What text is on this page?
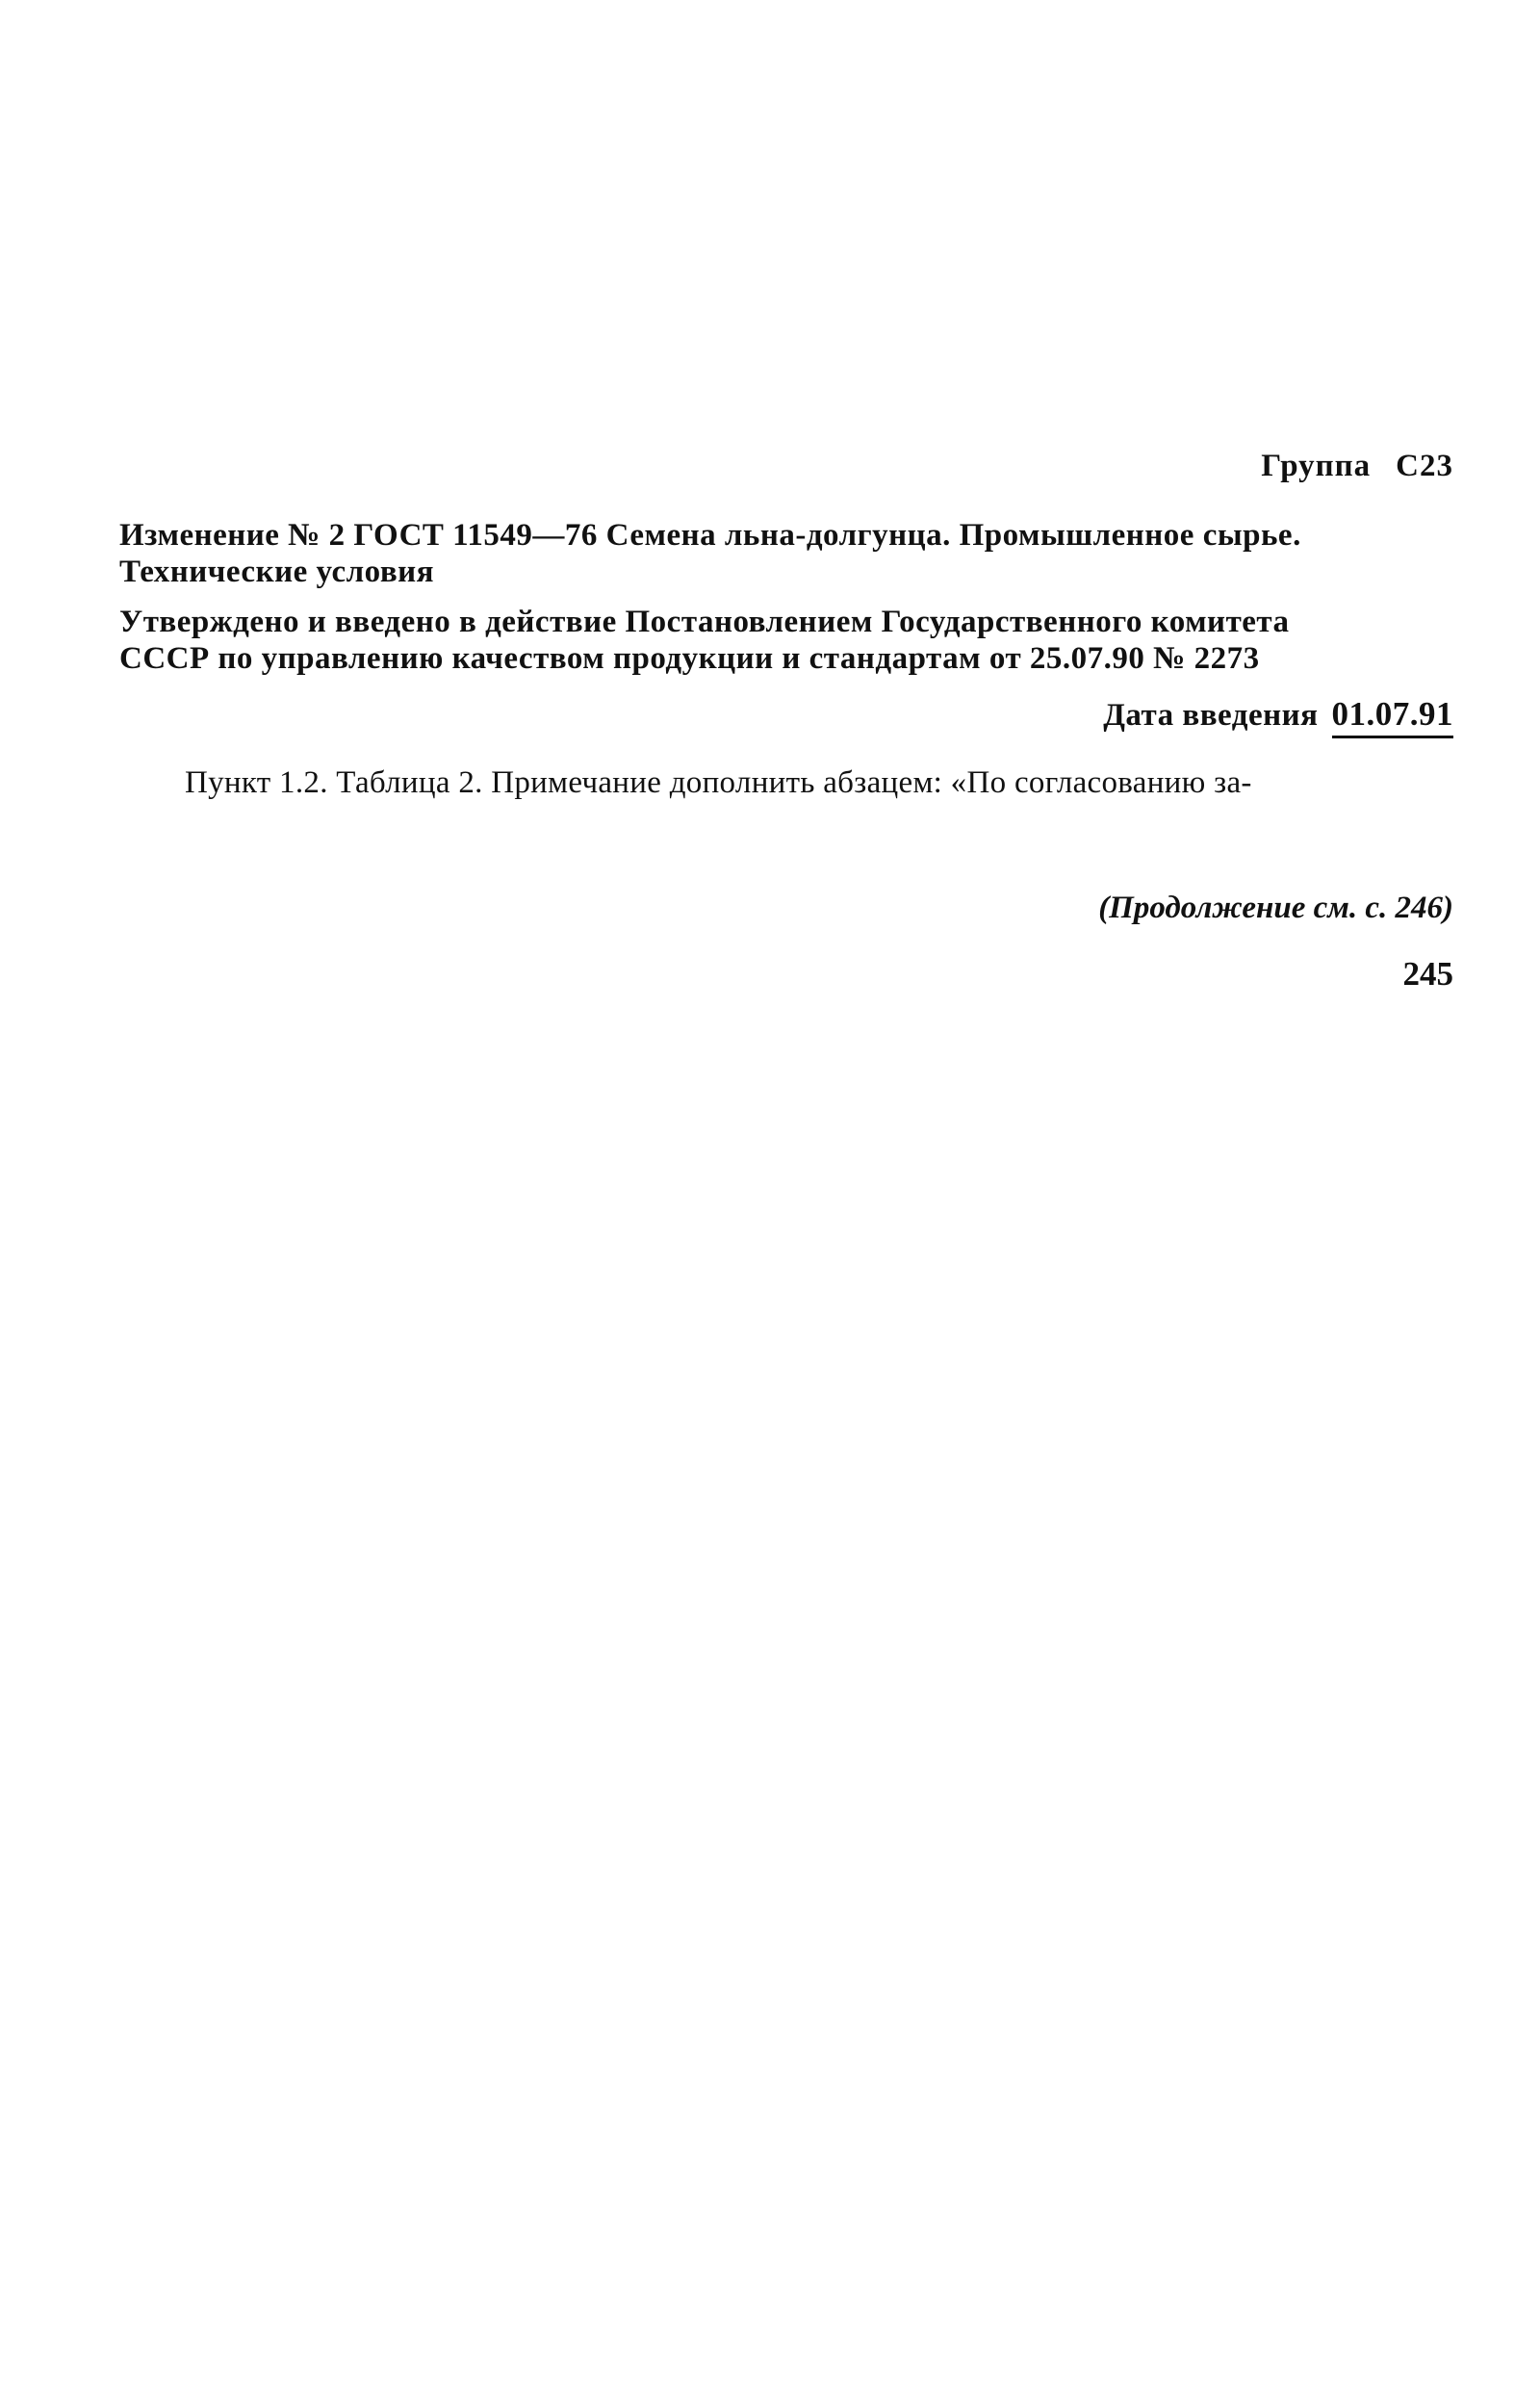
Группа С23
Изменение № 2 ГОСТ 11549—76 Семена льна-долгунца. Промышленное сырье.
Технические условия
Утверждено и введено в действие Постановлением Государственного комитета
СССР по управлению качеством продукции и стандартам от 25.07.90 № 2273
Дата введения 01.07.91
Пункт 1.2. Таблица 2. Примечание дополнить абзацем: «По согласованию за-
(Продолжение см. с. 246)
245
